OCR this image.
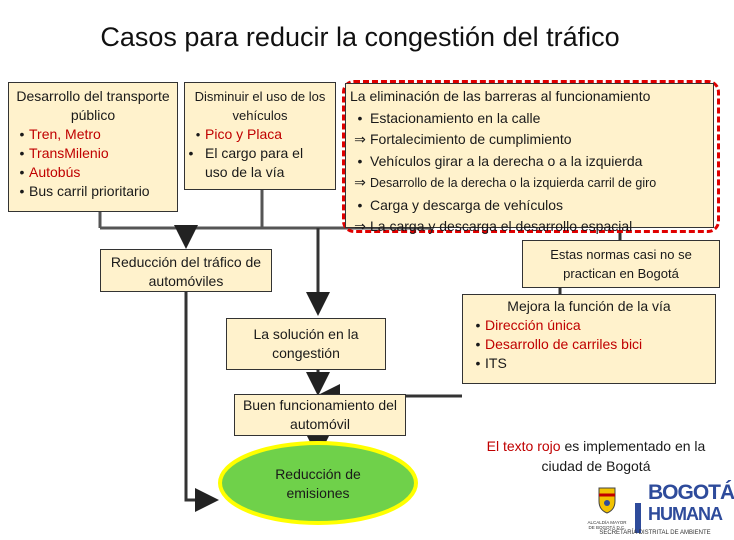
Casos para reducir la congestión del tráfico
Desarrollo del transporte público
• Tren, Metro
• TransMilenio
• Autobús
• Bus carril prioritario
Disminuir el uso de los vehículos
• Pico y Placa
• El cargo para el uso de la vía
La eliminación de las barreras al funcionamiento
• Estacionamiento en la calle
⇒ Fortalecimiento de cumplimiento
• Vehículos girar a la derecha o a la izquierda
⇒ Desarrollo de la derecha o la izquierda carril de giro
• Carga y descarga de vehículos
⇒ La carga y descarga el desarrollo espacial
Estas normas casi no se practican en Bogotá
Reducción del tráfico de automóviles
La solución en la congestión
Mejora la función de la vía
• Dirección única
• Desarrollo de carriles bici
• ITS
Buen funcionamiento del automóvil
Reducción de emisiones
El texto rojo es implementado en la ciudad de Bogotá
ALCALDÍA MAYOR DE BOGOTÁ D.C.
BOGOTÁ
HUMANA
SECRETARÍA DISTRITAL DE AMBIENTE
